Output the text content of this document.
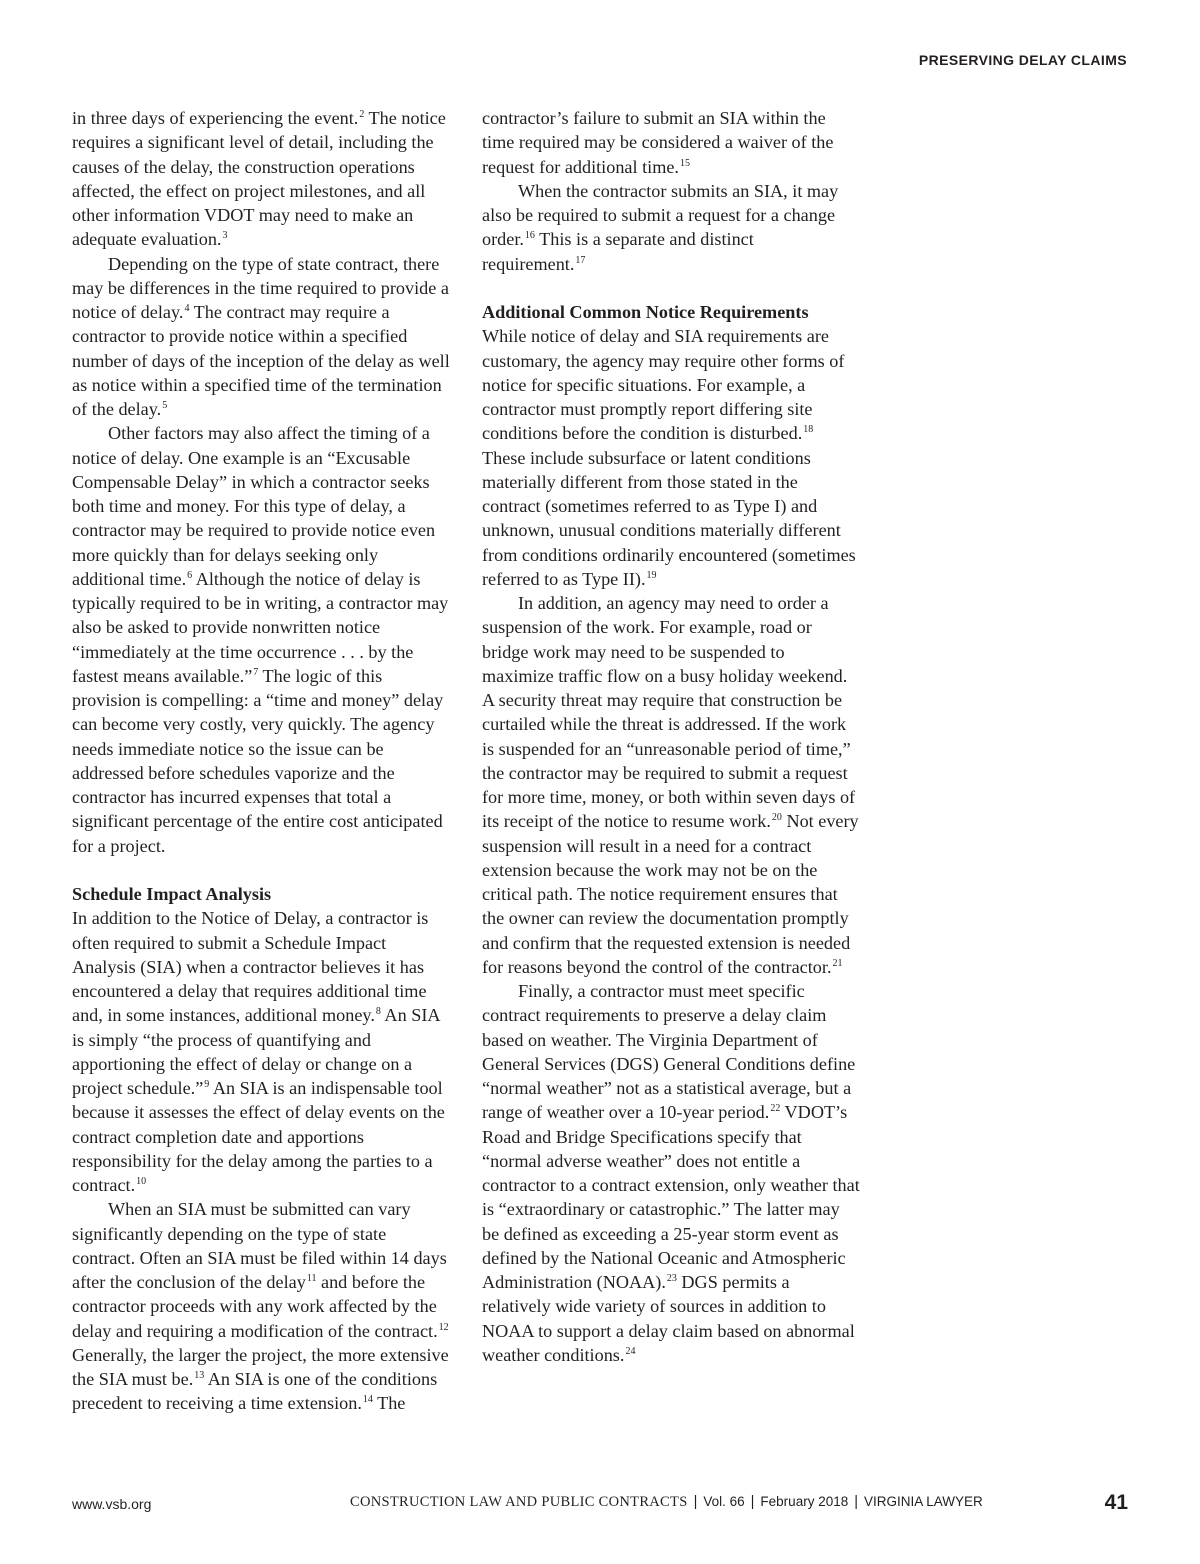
PRESERVING DELAY CLAIMS

in three days of experiencing the event.$^2$ The notice requires a significant level of detail, including the causes of the delay, the construction operations affected, the effect on project milestones, and all other information VDOT may need to make an adequate evaluation.$^3$

Depending on the type of state contract, there may be differences in the time required to provide a notice of delay.$^4$ The contract may require a contractor to provide notice within a specified number of days of the inception of the delay as well as notice within a specified time of the termination of the delay.$^5$

Other factors may also affect the timing of a notice of delay. One example is an “Excusable Compensable Delay” in which a contractor seeks both time and money. For this type of delay, a contractor may be required to provide notice even more quickly than for delays seeking only additional time.$^6$ Although the notice of delay is typically required to be in writing, a contractor may also be asked to provide nonwritten notice “immediately at the time occurrence . . . by the fastest means available.”$^7$ The logic of this provision is compelling: a “time and money” delay can become very costly, very quickly. The agency needs immediate notice so the issue can be addressed before schedules vaporize and the contractor has incurred expenses that total a significant percentage of the entire cost anticipated for a project.

Schedule Impact Analysis

In addition to the Notice of Delay, a contractor is often required to submit a Schedule Impact Analysis (SIA) when a contractor believes it has encountered a delay that requires additional time and, in some instances, additional money.$^8$ An SIA is simply “the process of quantifying and apportioning the effect of delay or change on a project schedule.”$^9$ An SIA is an indispensable tool because it assesses the effect of delay events on the contract completion date and apportions responsibility for the delay among the parties to a contract.$^{10}$

When an SIA must be submitted can vary significantly depending on the type of state contract. Often an SIA must be filed within 14 days after the conclusion of the delay$^{11}$ and before the contractor proceeds with any work affected by the delay and requiring a modification of the contract.$^{12}$ Generally, the larger the project, the more extensive the SIA must be.$^{13}$ An SIA is one of the conditions precedent to receiving a time extension.$^{14}$ The

contractor’s failure to submit an SIA within the time required may be considered a waiver of the request for additional time.$^{15}$

When the contractor submits an SIA, it may also be required to submit a request for a change order.$^{16}$ This is a separate and distinct requirement.$^{17}$

Additional Common Notice Requirements

While notice of delay and SIA requirements are customary, the agency may require other forms of notice for specific situations. For example, a contractor must promptly report differing site conditions before the condition is disturbed.$^{18}$ These include subsurface or latent conditions materially different from those stated in the contract (sometimes referred to as Type I) and unknown, unusual conditions materially different from conditions ordinarily encountered (sometimes referred to as Type II).$^{19}$

In addition, an agency may need to order a suspension of the work. For example, road or bridge work may need to be suspended to maximize traffic flow on a busy holiday weekend. A security threat may require that construction be curtailed while the threat is addressed. If the work is suspended for an “unreasonable period of time,” the contractor may be required to submit a request for more time, money, or both within seven days of its receipt of the notice to resume work.$^{20}$ Not every suspension will result in a need for a contract extension because the work may not be on the critical path. The notice requirement ensures that the owner can review the documentation promptly and confirm that the requested extension is needed for reasons beyond the control of the contractor.$^{21}$

Finally, a contractor must meet specific contract requirements to preserve a delay claim based on weather. The Virginia Department of General Services (DGS) General Conditions define “normal weather” not as a statistical average, but a range of weather over a 10-year period.$^{22}$ VDOT’s Road and Bridge Specifications specify that “normal adverse weather” does not entitle a contractor to a contract extension, only weather that is “extraordinary or catastrophic.” The latter may be defined as exceeding a 25-year storm event as defined by the National Oceanic and Atmospheric Administration (NOAA).$^{23}$ DGS permits a relatively wide variety of sources in addition to NOAA to support a delay claim based on abnormal weather conditions.$^{24}$

www.vsb.org	CONSTRUCTION LAW AND PUBLIC CONTRACTS | Vol. 66 | February 2018 | VIRGINIA LAWYER	41
